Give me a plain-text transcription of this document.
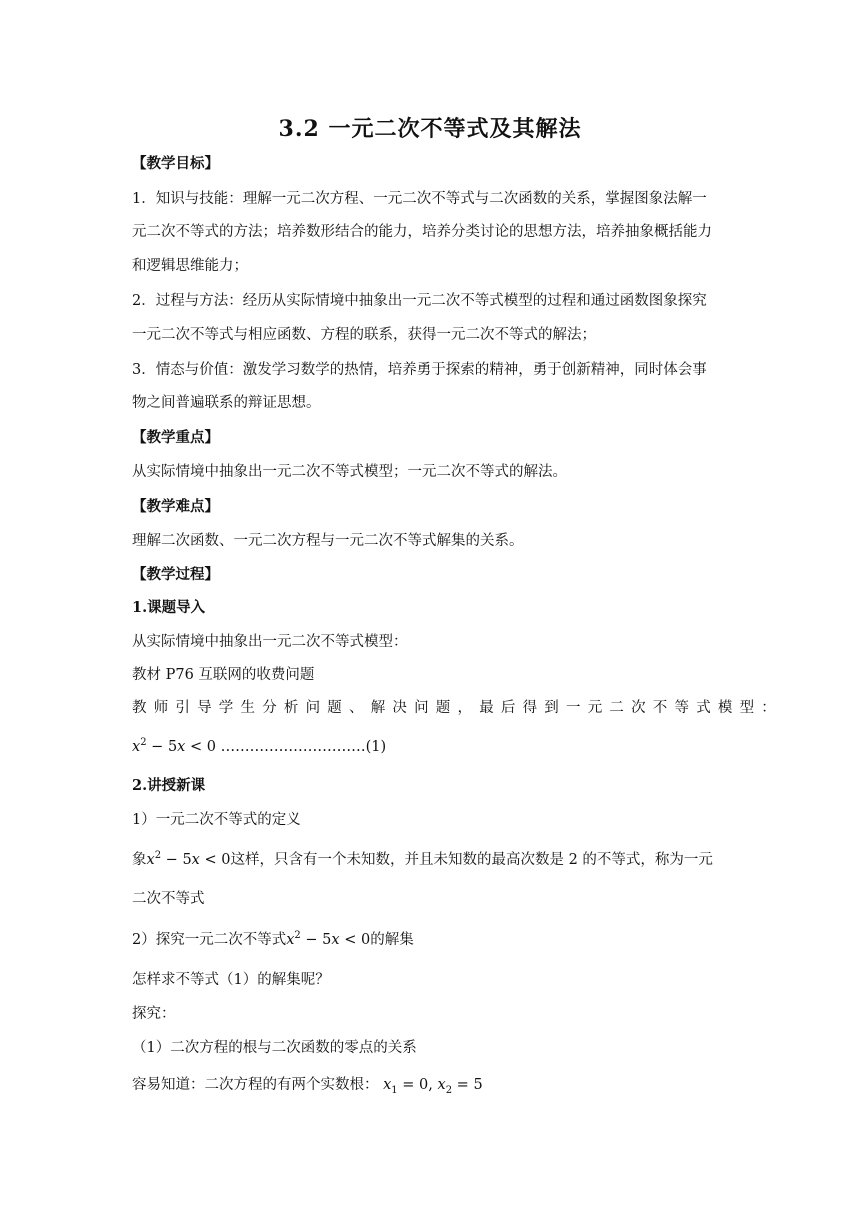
3.2 一元二次不等式及其解法
【教学目标】
1．知识与技能：理解一元二次方程、一元二次不等式与二次函数的关系，掌握图象法解一
元二次不等式的方法；培养数形结合的能力，培养分类讨论的思想方法，培养抽象概括能力
和逻辑思维能力；
2．过程与方法：经历从实际情境中抽象出一元二次不等式模型的过程和通过函数图象探究
一元二次不等式与相应函数、方程的联系，获得一元二次不等式的解法；
3．情态与价值：激发学习数学的热情，培养勇于探索的精神，勇于创新精神，同时体会事
物之间普遍联系的辩证思想。
【教学重点】
从实际情境中抽象出一元二次不等式模型；一元二次不等式的解法。
【教学难点】
理解二次函数、一元二次方程与一元二次不等式解集的关系。
【教学过程】
1.课题导入
从实际情境中抽象出一元二次不等式模型：
教材 P76 互联网的收费问题
教师引导学生分析问题、解决问题，最后得到一元二次不等式模型：
$x^2 - 5x < 0$ …………………………(1)
2.讲授新课
1）一元二次不等式的定义
象$x^2 - 5x < 0$这样，只含有一个未知数，并且未知数的最高次数是 2 的不等式，称为一元
二次不等式
2）探究一元二次不等式$x^2 - 5x < 0$的解集
怎样求不等式（1）的解集呢？
探究：
（1）二次方程的根与二次函数的零点的关系
容易知道：二次方程的有两个实数根： $x_1 = 0$, $x_2 = 5$
